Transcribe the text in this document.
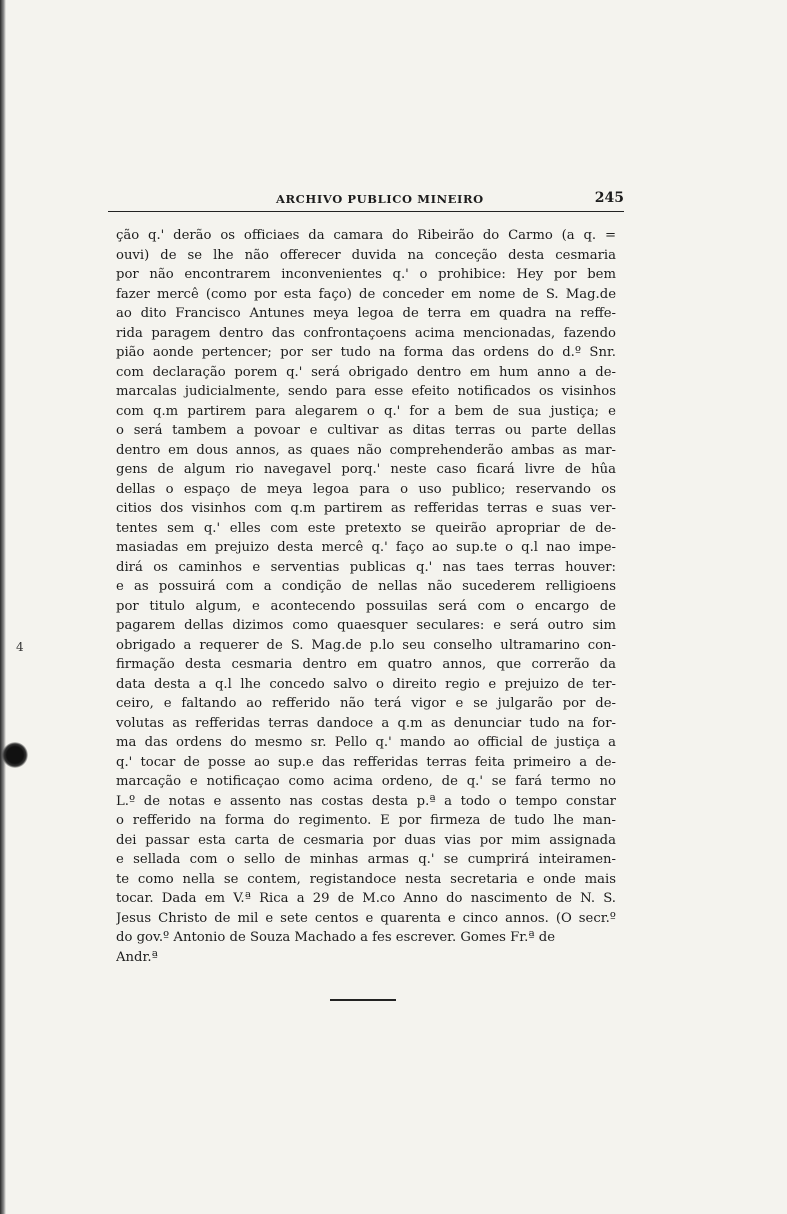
ARCHIVO PUBLICO MINEIRO	245
ção q.' derão os officiaes da camara do Ribeirão do Carmo (a q. =
ouvi) de se lhe não offerecer duvida na conceção desta cesmaria
por não encontrarem inconvenientes q.' o prohibice: Hey por bem
fazer mercê (como por esta faço) de conceder em nome de S. Mag.de
ao dito Francisco Antunes meya legoa de terra em quadra na reffe-
rida paragem dentro das confrontaçoens acima mencionadas, fazendo
pião aonde pertencer; por ser tudo na forma das ordens do d.º Snr.
com declaração porem q.' será obrigado dentro em hum anno a de-
marcalas judicialmente, sendo para esse efeito notificados os visinhos
com q.m partirem para alegarem o q.' for a bem de sua justiça; e
o será tambem a povoar e cultivar as ditas terras ou parte dellas
dentro em dous annos, as quaes não comprehenderão ambas as mar-
gens de algum rio navegavel porq.' neste caso ficará livre de hûa
dellas o espaço de meya legoa para o uso publico; reservando os
citios dos visinhos com q.m partirem as refferidas terras e suas ver-
tentes sem q.' elles com este pretexto se queirão apropriar de de-
masiadas em prejuizo desta mercê q.' faço ao sup.te o q.l nao impe-
dirá os caminhos e serventias publicas q.' nas taes terras houver:
e as possuirá com a condição de nellas não sucederem relligioens
por titulo algum, e acontecendo possuilas será com o encargo de
pagarem dellas dizimos como quaesquer seculares: e será outro sim
obrigado a requerer de S. Mag.de p.lo seu conselho ultramarino con-
firmação desta cesmaria dentro em quatro annos, que correrão da
data desta a q.l lhe concedo salvo o direito regio e prejuizo de ter-
ceiro, e faltando ao refferido não terá vigor e se julgarão por de-
volutas as refferidas terras dandoce a q.m as denunciar tudo na for-
ma das ordens do mesmo sr. Pello q.' mando ao official de justiça a
q.' tocar de posse ao sup.e das refferidas terras feita primeiro a de-
marcação e notificaçao como acima ordeno, de q.' se fará termo no
L.º de notas e assento nas costas desta p.ª a todo o tempo constar
o refferido na forma do regimento. E por firmeza de tudo lhe man-
dei passar esta carta de cesmaria por duas vias por mim assignada
e sellada com o sello de minhas armas q.' se cumprirá inteiramen-
te como nella se contem, registandoce nesta secretaria e onde mais
tocar. Dada em V.ª Rica a 29 de M.co Anno do nascimento de N. S.
Jesus Christo de mil e sete centos e quarenta e cinco annos. (O secr.º
do gov.º Antonio de Souza Machado a fes escrever. Gomes Fr.ª de
Andr.ª
4
